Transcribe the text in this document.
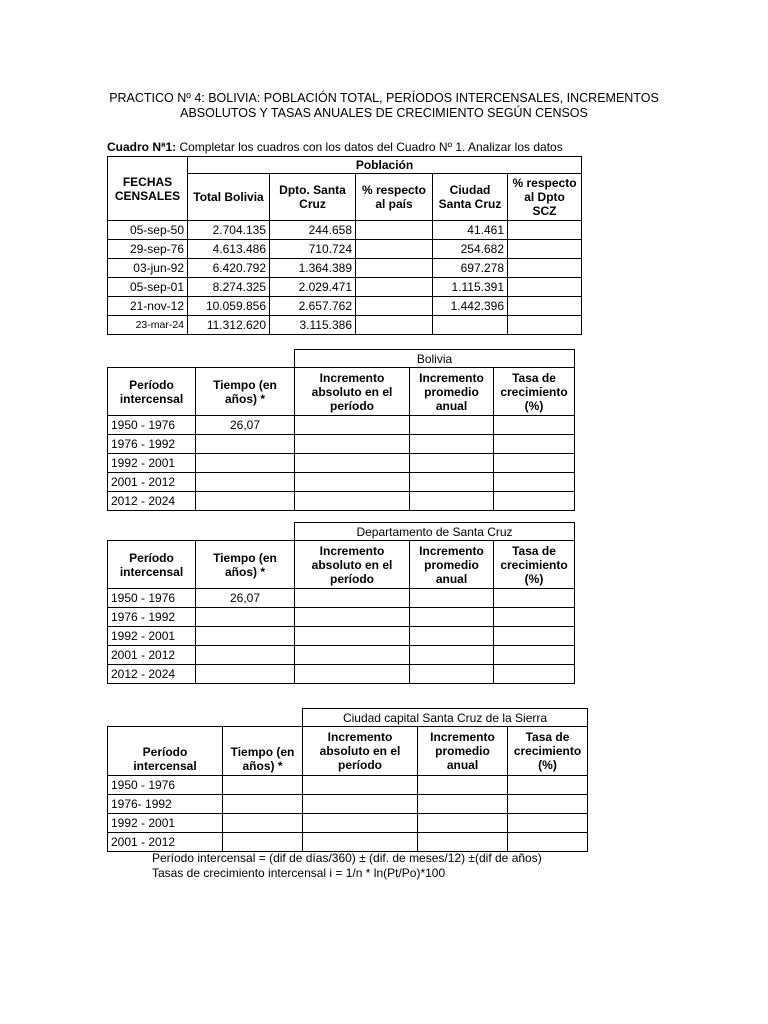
PRACTICO Nº 4: BOLIVIA: POBLACIÓN TOTAL, PERÍODOS INTERCENSALES, INCREMENTOS
ABSOLUTOS Y TASAS ANUALES DE CRECIMIENTO SEGÚN CENSOS
Cuadro Nª1: Completar los cuadros con los datos del Cuadro Nº 1. Analizar los datos
FECHAS CENSALES	Población				
	Total Bolivia	Dpto. Santa Cruz	% respecto al país	Ciudad Santa Cruz	% respecto al Dpto SCZ
05-sep-50	2.704.135	244.658		41.461	
29-sep-76	4.613.486	710.724		254.682	
03-jun-92	6.420.792	1.364.389		697.278	
05-sep-01	8.274.325	2.029.471		1.115.391	
21-nov-12	10.059.856	2.657.762		1.442.396	
23-mar-24	11.312.620	3.115.386			
		Bolivia		
Período intercensal	Tiempo (en años) *	Incremento absoluto en el período	Incremento promedio anual	Tasa de crecimiento (%)
1950 - 1976	26,07			
1976 - 1992				
1992 - 2001				
2001 - 2012				
2012 - 2024				
		Departamento de Santa Cruz		
Período intercensal	Tiempo (en años) *	Incremento absoluto en el período	Incremento promedio anual	Tasa de crecimiento (%)
1950 - 1976	26,07			
1976 - 1992				
1992 - 2001				
2001 - 2012				
2012 - 2024				
		Ciudad capital Santa Cruz de la Sierra		
Período intercensal	Tiempo (en años) *	Incremento absoluto en el período	Incremento promedio anual	Tasa de crecimiento (%)
1950 - 1976				
1976- 1992				
1992 - 2001				
2001 - 2012				
Período intercensal = (dif de días/360) ± (dif. de meses/12) ±(dif de años)
Tasas de crecimiento intercensal i = 1/n * ln(Pt/Po)*100
